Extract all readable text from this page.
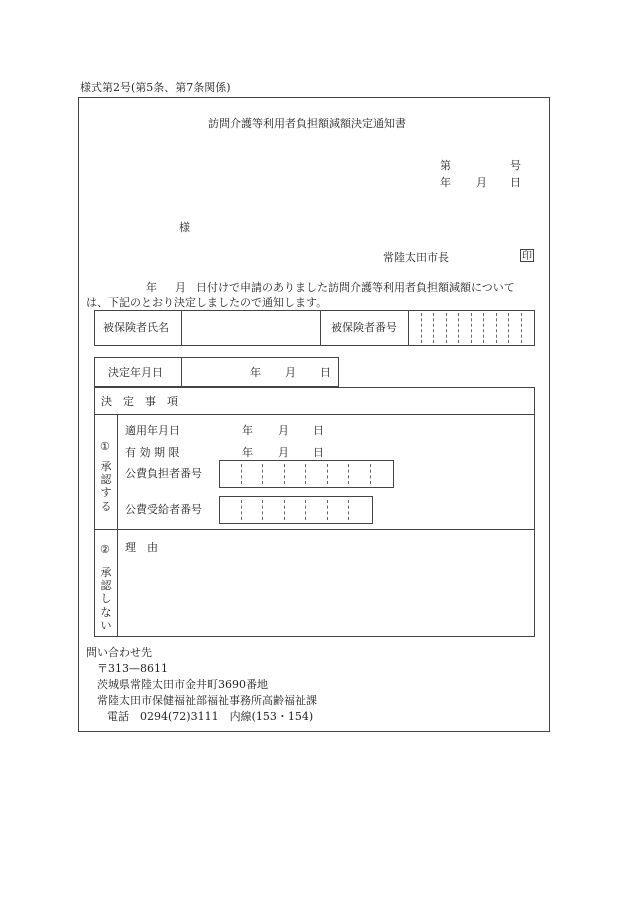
様式第2号(第5条、第7条関係)
訪問介護等利用者負担額減額決定通知書
第	号
年 月 日
様
常陸太田市長	印
年 月 日付けで申請のありました訪問介護等利用者負担額減額について
は、下記のとおり決定しましたので通知します。
被保険者氏名	被保険者番号
決定年月日	年 月 日
決　定　事　項
①
承
認
す
る
適用年月日	年 月 日
有 効 期 限	年 月 日
公費負担者番号
公費受給者番号
②
承
認
し
な
い
理　由
問い合わせ先
〒313—8611
茨城県常陸太田市金井町3690番地
常陸太田市保健福祉部福祉事務所高齢福祉課
電話　0294(72)3111　内線(153・154)
